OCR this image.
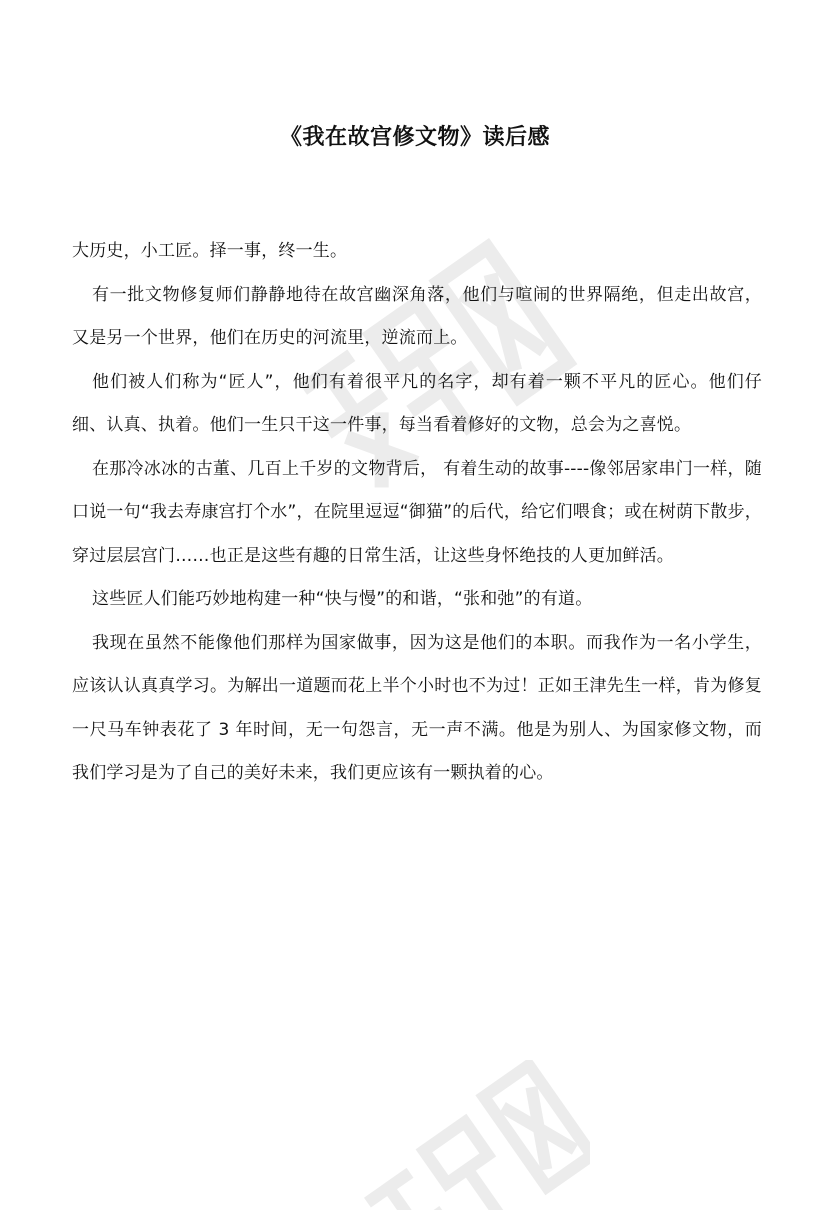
《我在故宫修文物》读后感

大历史，小工匠。择一事，终一生。

有一批文物修复师们静静地待在故宫幽深角落，他们与喧闹的世界隔绝，但走出故宫，又是另一个世界，他们在历史的河流里，逆流而上。

他们被人们称为“匠人”，他们有着很平凡的名字，却有着一颗不平凡的匠心。他们仔细、认真、执着。他们一生只干这一件事，每当看着修好的文物，总会为之喜悦。

在那冷冰冰的古董、几百上千岁的文物背后， 有着生动的故事----像邻居家串门一样，随口说一句“我去寿康宫打个水”，在院里逗逗“御猫”的后代，给它们喂食；或在树荫下散步，穿过层层宫门……也正是这些有趣的日常生活，让这些身怀绝技的人更加鲜活。

这些匠人们能巧妙地构建一种“快与慢”的和谐，“张和弛”的有道。

我现在虽然不能像他们那样为国家做事，因为这是他们的本职。而我作为一名小学生，应该认认真真学习。为解出一道题而花上半个小时也不为过！正如王津先生一样，肯为修复一尺马车钟表花了 3 年时间，无一句怨言，无一声不满。他是为别人、为国家修文物，而我们学习是为了自己的美好未来，我们更应该有一颗执着的心。
